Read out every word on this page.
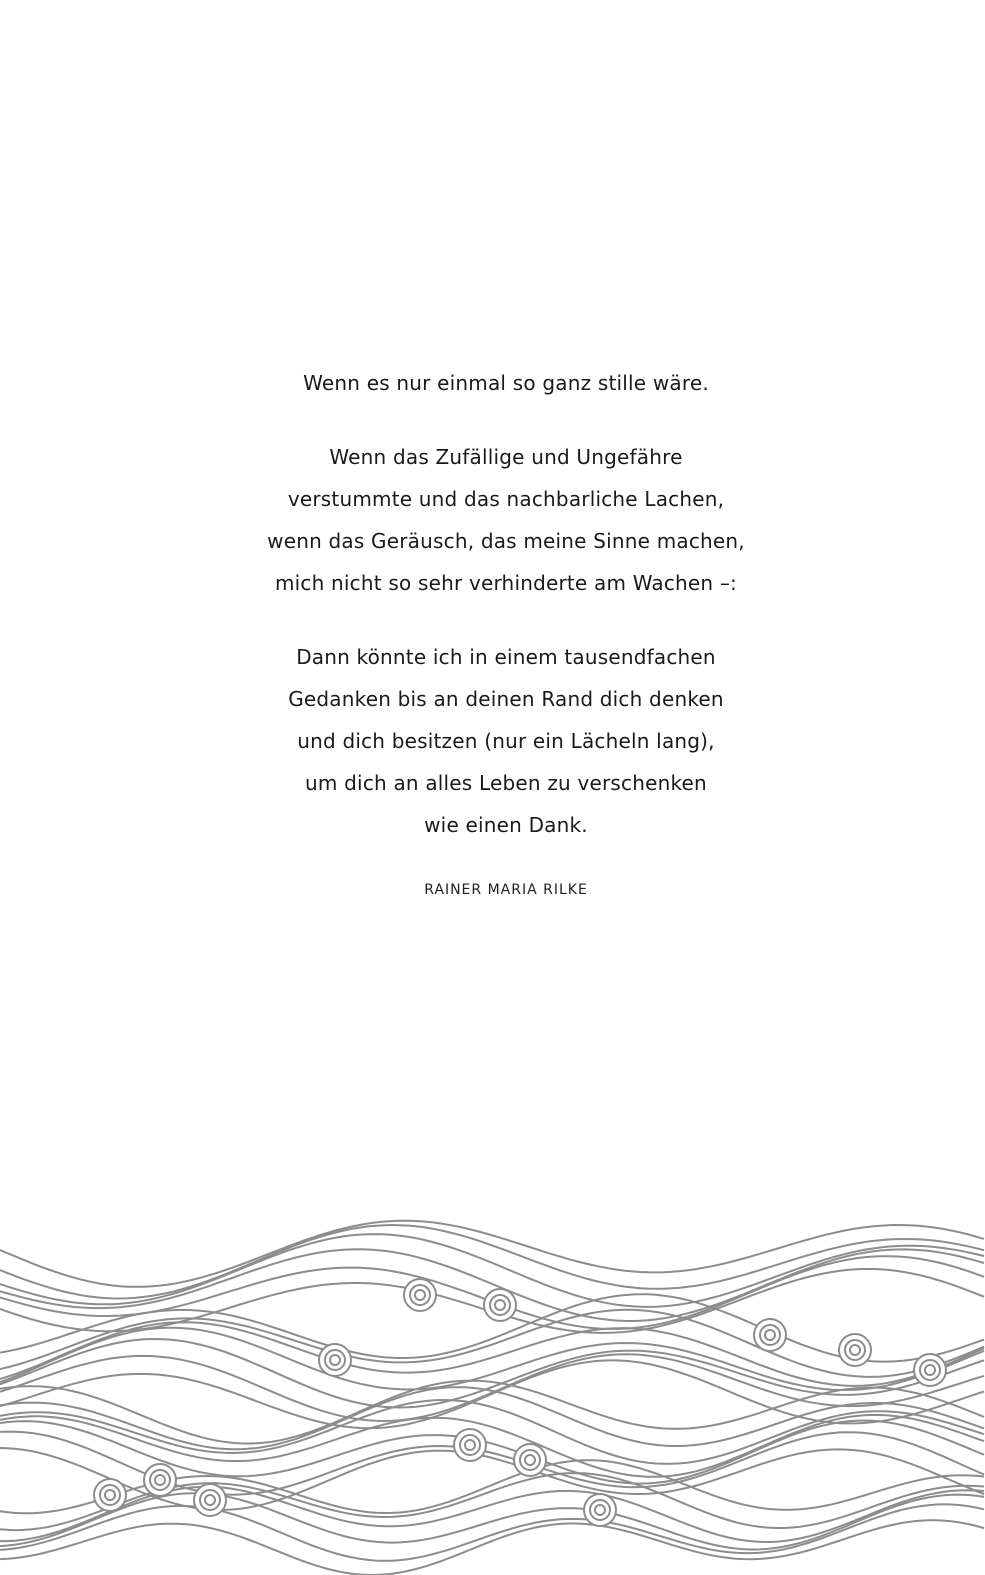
Wenn es nur einmal so ganz stille wäre.
Wenn das Zufällige und Ungefähre
verstummte und das nachbarliche Lachen,
wenn das Geräusch, das meine Sinne machen,
mich nicht so sehr verhinderte am Wachen –:
Dann könnte ich in einem tausendfachen
Gedanken bis an deinen Rand dich denken
und dich besitzen (nur ein Lächeln lang),
um dich an alles Leben zu verschenken
wie einen Dank.
RAINER MARIA RILKE
